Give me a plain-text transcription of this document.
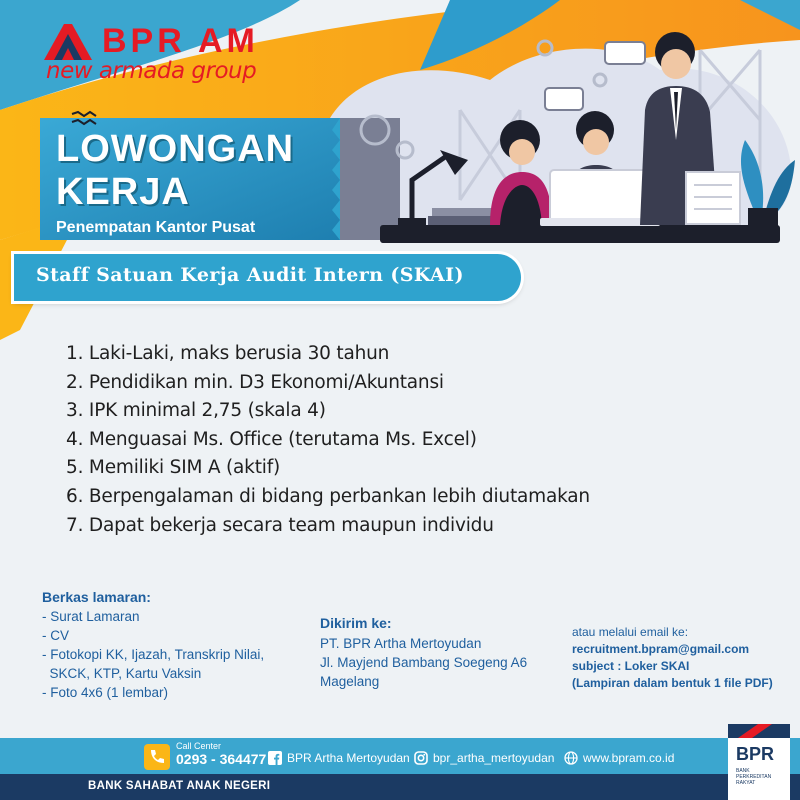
BPR AM
new armada group
LOWONGAN
KERJA
Penempatan Kantor Pusat
Staff Satuan Kerja Audit Intern (SKAI)
1. Laki-Laki, maks berusia 30 tahun
2. Pendidikan min. D3 Ekonomi/Akuntansi
3. IPK minimal 2,75 (skala 4)
4. Menguasai Ms. Office (terutama Ms. Excel)
5. Memiliki SIM A (aktif)
6. Berpengalaman di bidang perbankan lebih diutamakan
7. Dapat bekerja secara team maupun individu
Berkas lamaran:
- Surat Lamaran
- CV
- Fotokopi KK, Ijazah, Transkrip Nilai,
SKCK, KTP, Kartu Vaksin
- Foto 4x6 (1 lembar)
Dikirim ke:
PT. BPR Artha Mertoyudan
Jl. Mayjend Bambang Soegeng A6
Magelang
atau melalui email ke:
recruitment.bpram@gmail.com
subject : Loker SKAI
(Lampiran dalam bentuk 1 file PDF)
BANK SAHABAT ANAK NEGERI
Call Center
0293 - 364477 BPR Artha Mertoyudan bpr_artha_mertoyudan www.bpram.co.id	BPR
BANK PERKREDITAN RAKYAT
